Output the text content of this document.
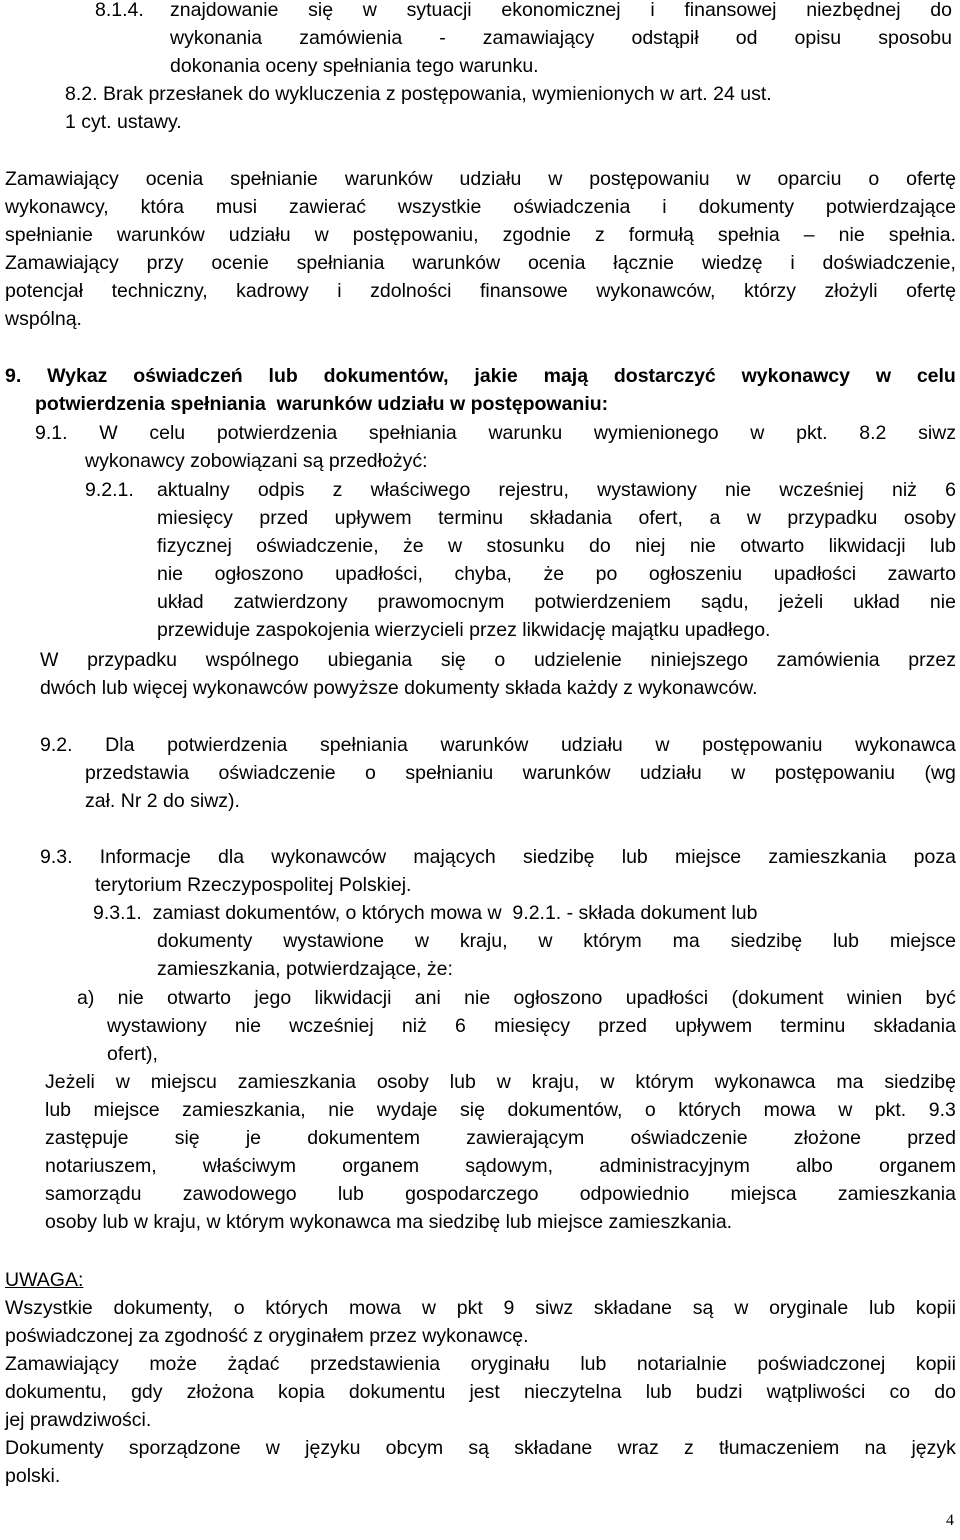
8.1.4. znajdowanie się w sytuacji ekonomicznej i finansowej niezbędnej do
wykonania zamówienia - zamawiający odstąpił od opisu sposobu
dokonania oceny spełniania tego warunku.
8.2. Brak przesłanek do wykluczenia z postępowania, wymienionych w art. 24 ust.
1 cyt. ustawy.
Zamawiający ocenia spełnianie warunków udziału w postępowaniu w oparciu o ofertę
wykonawcy, która musi zawierać wszystkie oświadczenia i dokumenty potwierdzające
spełnianie warunków udziału w postępowaniu, zgodnie z formułą spełnia – nie spełnia.
Zamawiający przy ocenie spełniania warunków ocenia łącznie wiedzę i doświadczenie,
potencjał techniczny, kadrowy i zdolności finansowe wykonawców, którzy złożyli ofertę
wspólną.
9. Wykaz oświadczeń lub dokumentów, jakie mają dostarczyć wykonawcy w celu
potwierdzenia spełniania  warunków udziału w postępowaniu:
9.1. W celu potwierdzenia spełniania warunku wymienionego w pkt. 8.2 siwz
wykonawcy zobowiązani są przedłożyć:
9.2.1. aktualny odpis z właściwego rejestru, wystawiony nie wcześniej niż 6
miesięcy przed upływem terminu składania ofert, a w przypadku osoby
fizycznej oświadczenie, że w stosunku do niej nie otwarto likwidacji lub
nie ogłoszono upadłości, chyba, że po ogłoszeniu upadłości zawarto
układ zatwierdzony prawomocnym potwierdzeniem sądu, jeżeli układ nie
przewiduje zaspokojenia wierzycieli przez likwidację majątku upadłego.
W przypadku wspólnego ubiegania się o udzielenie niniejszego zamówienia przez
dwóch lub więcej wykonawców powyższe dokumenty składa każdy z wykonawców.
9.2. Dla potwierdzenia spełniania warunków udziału w postępowaniu wykonawca
przedstawia oświadczenie o spełnianiu warunków udziału w postępowaniu (wg
zał. Nr 2 do siwz).
9.3. Informacje dla wykonawców mających siedzibę lub miejsce zamieszkania poza
terytorium Rzeczypospolitej Polskiej.
9.3.1.  zamiast dokumentów, o których mowa w  9.2.1. - składa dokument lub
dokumenty wystawione w kraju, w którym ma siedzibę lub miejsce
zamieszkania, potwierdzające, że:
a) nie otwarto jego likwidacji ani nie ogłoszono upadłości (dokument winien być
wystawiony nie wcześniej niż 6 miesięcy przed upływem terminu składania
ofert),
Jeżeli w miejscu zamieszkania osoby lub w kraju, w którym wykonawca ma siedzibę
lub miejsce zamieszkania, nie wydaje się dokumentów, o których mowa w pkt. 9.3
zastępuje się je dokumentem zawierającym oświadczenie złożone przed
notariuszem, właściwym organem sądowym, administracyjnym albo organem
samorządu zawodowego lub gospodarczego odpowiednio miejsca zamieszkania
osoby lub w kraju, w którym wykonawca ma siedzibę lub miejsce zamieszkania.
UWAGA:
Wszystkie dokumenty, o których mowa w pkt 9 siwz składane są w oryginale lub kopii
poświadczonej za zgodność z oryginałem przez wykonawcę.
Zamawiający może żądać przedstawienia oryginału lub notarialnie poświadczonej kopii
dokumentu, gdy złożona kopia dokumentu jest nieczytelna lub budzi wątpliwości co do
jej prawdziwości.
Dokumenty sporządzone w języku obcym są składane wraz z tłumaczeniem na język
polski.
4
